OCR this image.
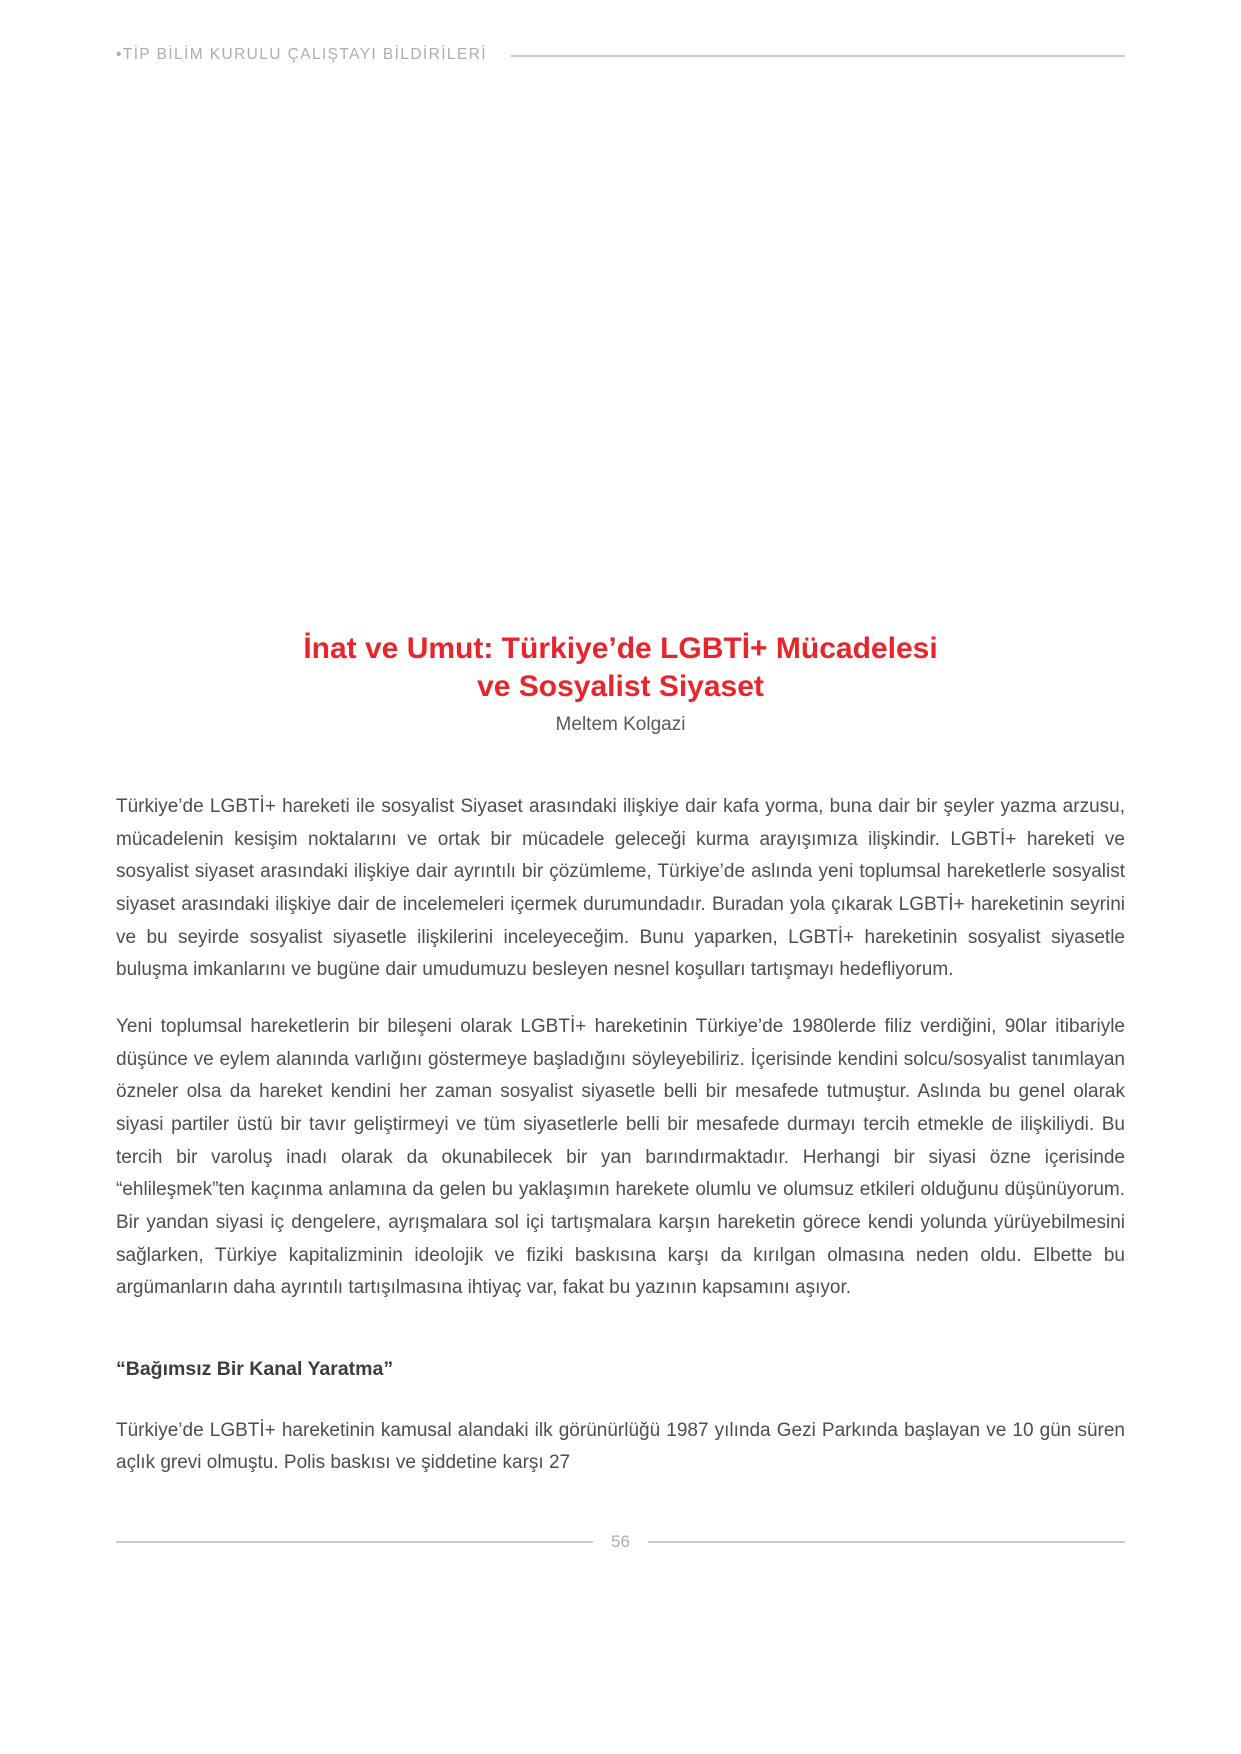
•TİP BİLİM KURULU ÇALIŞTAYI BİLDİRİLERİ
İnat ve Umut: Türkiye’de LGBTİ+ Mücadelesi
ve Sosyalist Siyaset
Meltem Kolgazi

Türkiye’de LGBTİ+ hareketi ile sosyalist Siyaset arasındaki ilişkiye dair kafa yorma, buna dair bir şeyler yazma arzusu, mücadelenin kesişim noktalarını ve ortak bir mücadele geleceği kurma arayışımıza ilişkindir. LGBTİ+ hareketi ve sosyalist siyaset arasındaki ilişkiye dair ayrıntılı bir çözümleme, Türkiye’de aslında yeni toplumsal hareketlerle sosyalist siyaset arasındaki ilişkiye dair de incelemeleri içermek durumundadır. Buradan yola çıkarak LGBTİ+ hareketinin seyrini ve bu seyirde sosyalist siyasetle ilişkilerini inceleyeceğim. Bunu yaparken, LGBTİ+ hareketinin sosyalist siyasetle buluşma imkanlarını ve bugüne dair umudumuzu besleyen nesnel koşulları tartışmayı hedefliyorum.

Yeni toplumsal hareketlerin bir bileşeni olarak LGBTİ+ hareketinin Türkiye’de 1980lerde filiz verdiğini, 90lar itibariyle düşünce ve eylem alanında varlığını göstermeye başladığını söyleyebiliriz. İçerisinde kendini solcu/sosyalist tanımlayan özneler olsa da hareket kendini her zaman sosyalist siyasetle belli bir mesafede tutmuştur. Aslında bu genel olarak siyasi partiler üstü bir tavır geliştirmeyi ve tüm siyasetlerle belli bir mesafede durmayı tercih etmekle de ilişkiliydi. Bu tercih bir varoluş inadı olarak da okunabilecek bir yan barındırmaktadır. Herhangi bir siyasi özne içerisinde “ehlileşmek”ten kaçınma anlamına da gelen bu yaklaşımın harekete olumlu ve olumsuz etkileri olduğunu düşünüyorum. Bir yandan siyasi iç dengelere, ayrışmalara sol içi tartışmalara karşın hareketin görece kendi yolunda yürüyebilmesini sağlarken, Türkiye kapitalizminin ideolojik ve fiziki baskısına karşı da kırılgan olmasına neden oldu. Elbette bu argümanların daha ayrıntılı tartışılmasına ihtiyaç var, fakat bu yazının kapsamını aşıyor.

“Bağımsız Bir Kanal Yaratma”

Türkiye’de LGBTİ+ hareketinin kamusal alandaki ilk görünürlüğü 1987 yılında Gezi Parkında başlayan ve 10 gün süren açlık grevi olmuştu. Polis baskısı ve şiddetine karşı 27

56
